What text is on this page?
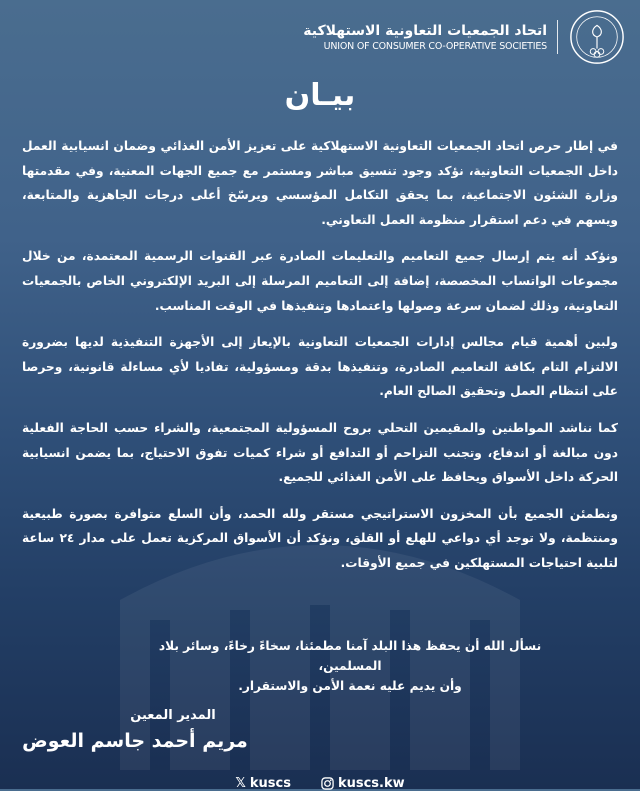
اتحاد الجمعيات التعاونية الاستهلاكية
UNION OF CONSUMER CO-OPERATIVE SOCIETIES
بيـان

في إطار حرص اتحاد الجمعيات التعاونية الاستهلاكية على تعزيز الأمن الغذائي وضمان انسيابية العمل داخل الجمعيات التعاونية، نؤكد وجود تنسيق مباشر ومستمر مع جميع الجهات المعنية، وفي مقدمتها وزارة الشئون الاجتماعية، بما يحقق التكامل المؤسسي ويرسّخ أعلى درجات الجاهزية والمتابعة، ويسهم في دعم استقرار منظومة العمل التعاوني.

ونؤكد أنه يتم إرسال جميع التعاميم والتعليمات الصادرة عبر القنوات الرسمية المعتمدة، من خلال مجموعات الواتساب المخصصة، إضافة إلى التعاميم المرسلة إلى البريد الإلكتروني الخاص بالجمعيات التعاونية، وذلك لضمان سرعة وصولها واعتمادها وتنفيذها في الوقت المناسب.

ولبين أهمية قيام مجالس إدارات الجمعيات التعاونية بالإيعاز إلى الأجهزة التنفيذية لديها بضرورة الالتزام التام بكافة التعاميم الصادرة، وتنفيذها بدقة ومسؤولية، تفاديا لأي مساءلة قانونية، وحرصا على انتظام العمل وتحقيق الصالح العام.

كما نناشد المواطنين والمقيمين التحلي بروح المسؤولية المجتمعية، والشراء حسب الحاجة الفعلية دون مبالغة أو اندفاع، وتجنب التزاحم أو التدافع أو شراء كميات تفوق الاحتياج، بما يضمن انسيابية الحركة داخل الأسواق ويحافظ على الأمن الغذائي للجميع.

ونطمئن الجميع بأن المخزون الاستراتيجي مستقر ولله الحمد، وأن السلع متوافرة بصورة طبيعية ومنتظمة، ولا توجد أي دواعي للهلع أو القلق، ونؤكد أن الأسواق المركزية تعمل على مدار ٢٤ ساعة لتلبية احتياجات المستهلكين في جميع الأوقات.

نسأل الله أن يحفظ هذا البلد آمنا مطمئنا، سخاءً رخاءً، وسائر بلاد المسلمين،
وأن يديم عليه نعمة الأمن والاستقرار.
المدير المعين
مريم أحمد جاسم العوض
𝕏 kuscs	kuscs.kw
